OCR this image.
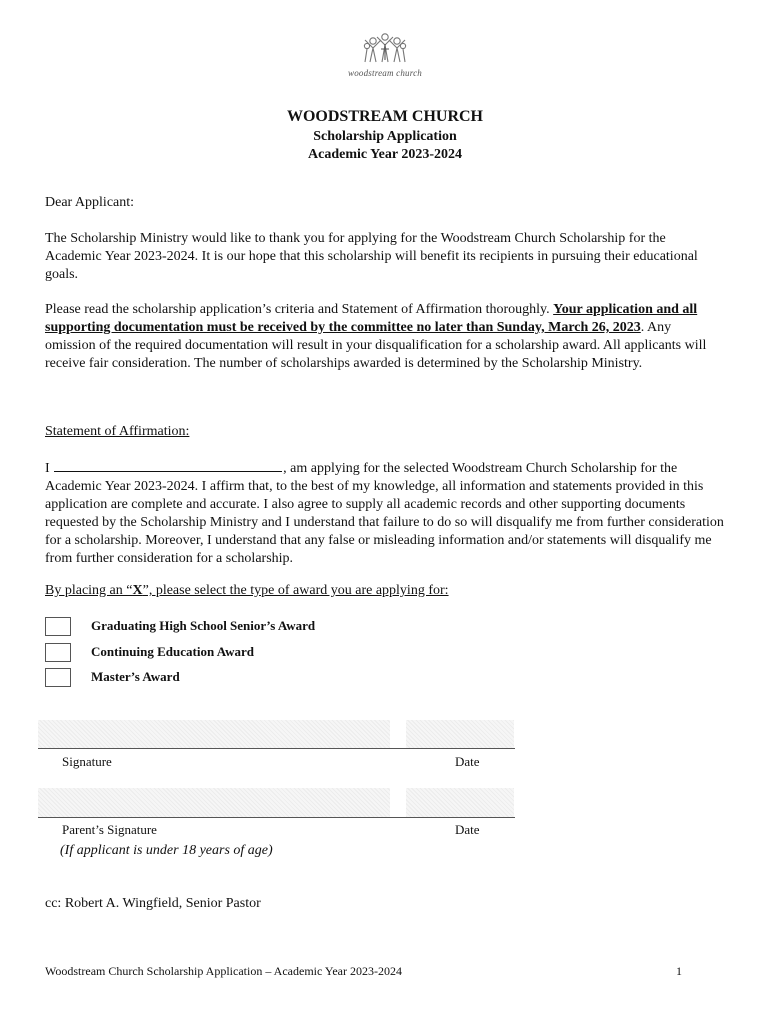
woodstream church
WOODSTREAM CHURCH
Scholarship Application
Academic Year 2023-2024
Dear Applicant:
The Scholarship Ministry would like to thank you for applying for the Woodstream Church Scholarship for the Academic Year 2023-2024. It is our hope that this scholarship will benefit its recipients in pursuing their educational goals.
Please read the scholarship application’s criteria and Statement of Affirmation thoroughly. Your application and all supporting documentation must be received by the committee no later than Sunday, March 26, 2023. Any omission of the required documentation will result in your disqualification for a scholarship award. All applicants will receive fair consideration. The number of scholarships awarded is determined by the Scholarship Ministry.
Statement of Affirmation:
I	, am applying for the selected Woodstream Church Scholarship for the Academic Year 2023-2024. I affirm that, to the best of my knowledge, all information and statements provided in this application are complete and accurate. I also agree to supply all academic records and other supporting documents requested by the Scholarship Ministry and I understand that failure to do so will disqualify me from further consideration for a scholarship. Moreover, I understand that any false or misleading information and/or statements will disqualify me from further consideration for a scholarship.
By placing an “X”, please select the type of award you are applying for:
Graduating High School Senior’s Award
Continuing Education Award
Master’s Award
Signature	Date
Parent’s Signature	Date
(If applicant is under 18 years of age)
cc: Robert A. Wingfield, Senior Pastor
Woodstream Church Scholarship Application – Academic Year 2023-2024	1
